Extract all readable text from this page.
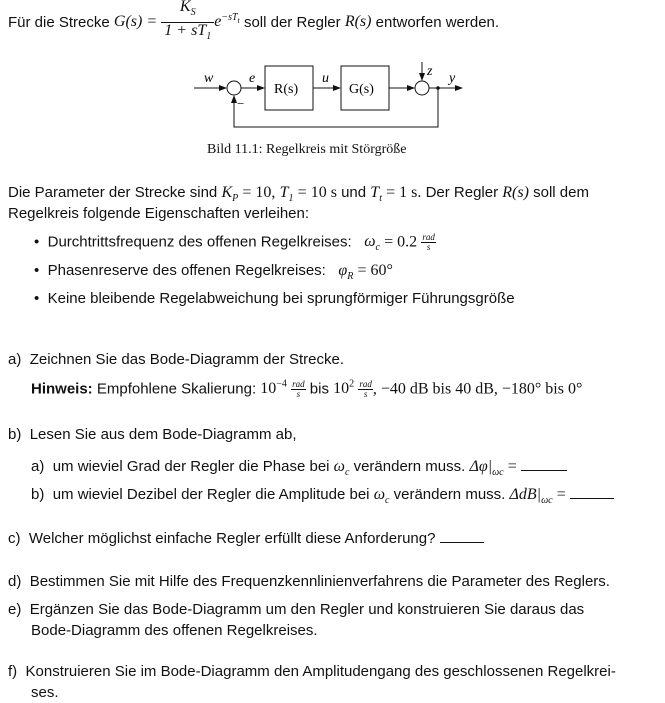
Für die Strecke
G(s) =
$\frac{K_S}{1 + sT_1}$ e $^{-sT_t}$
soll der Regler
R(s)
entworfen werden.
w
−
e
R(s)
u
G(s)
z y
Bild 11.1: Regelkreis mit Störgröße
Die Parameter der Strecke sind $K_P = 10$, $T_1 = 10$ s und $T_t = 1$ s. Der Regler R(s) soll dem
Regelkreis folgende Eigenschaften verleihen:
• Durchtrittsfrequenz des offenen Regelkreises: $\omega_c = 0.2 \frac{\text{rad}}{s}$
• Phasenreserve des offenen Regelkreises: $\varphi_R = 60^\circ$
• Keine bleibende Regelabweichung bei sprungförmiger Führungsgröße
a) Zeichnen Sie das Bode-Diagramm der Strecke.
Hinweis: Empfohlene Skalierung: $10^{-4} \frac{\text{rad}}{s}$ bis $10^2 \frac{\text{rad}}{s}$ , −40 dB bis 40 dB, −180° bis 0°
b) Lesen Sie aus dem Bode-Diagramm ab,
a) um wieviel Grad der Regler die Phase bei $\omega_c$ verändern muss. $\Delta\varphi|_{\omega c}$ =
b) um wieviel Dezibel der Regler die Amplitude bei $\omega_c$ verändern muss. $\Delta dB|_{\omega c}$ =
c) Welcher möglichst einfache Regler erfüllt diese Anforderung?
d) Bestimmen Sie mit Hilfe des Frequenzkennlinienverfahrens die Parameter des Reglers.
e) Ergänzen Sie das Bode-Diagramm um den Regler und konstruieren Sie daraus das
Bode-Diagramm des offenen Regelkreises.
f) Konstruieren Sie im Bode-Diagramm den Amplitudengang des geschlossenen Regelkrei-
ses.
